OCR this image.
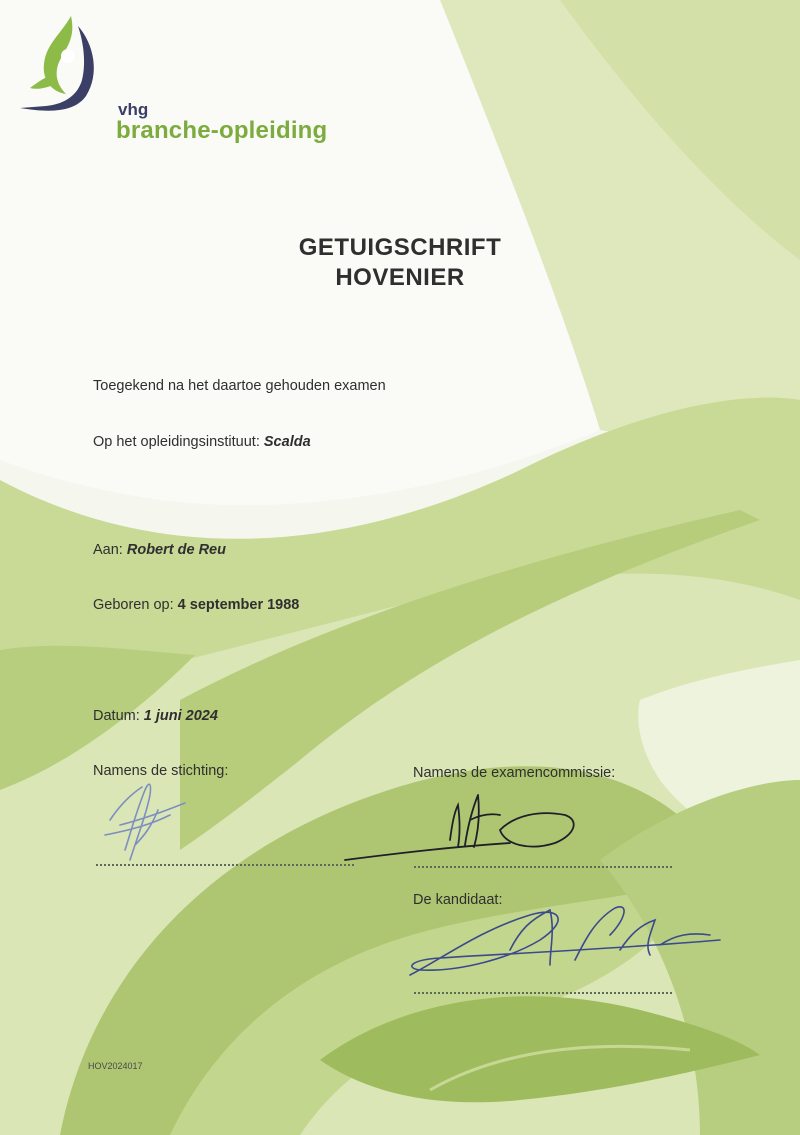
vhg
branche-opleiding
GETUIGSCHRIFT
HOVENIER
Toegekend na het daartoe gehouden examen
Op het opleidingsinstituut: Scalda
Aan: Robert de Reu
Geboren op: 4 september 1988
Datum: 1 juni 2024
Namens de stichting:	Namens de examencommissie:
De kandidaat:
HOV2024017
